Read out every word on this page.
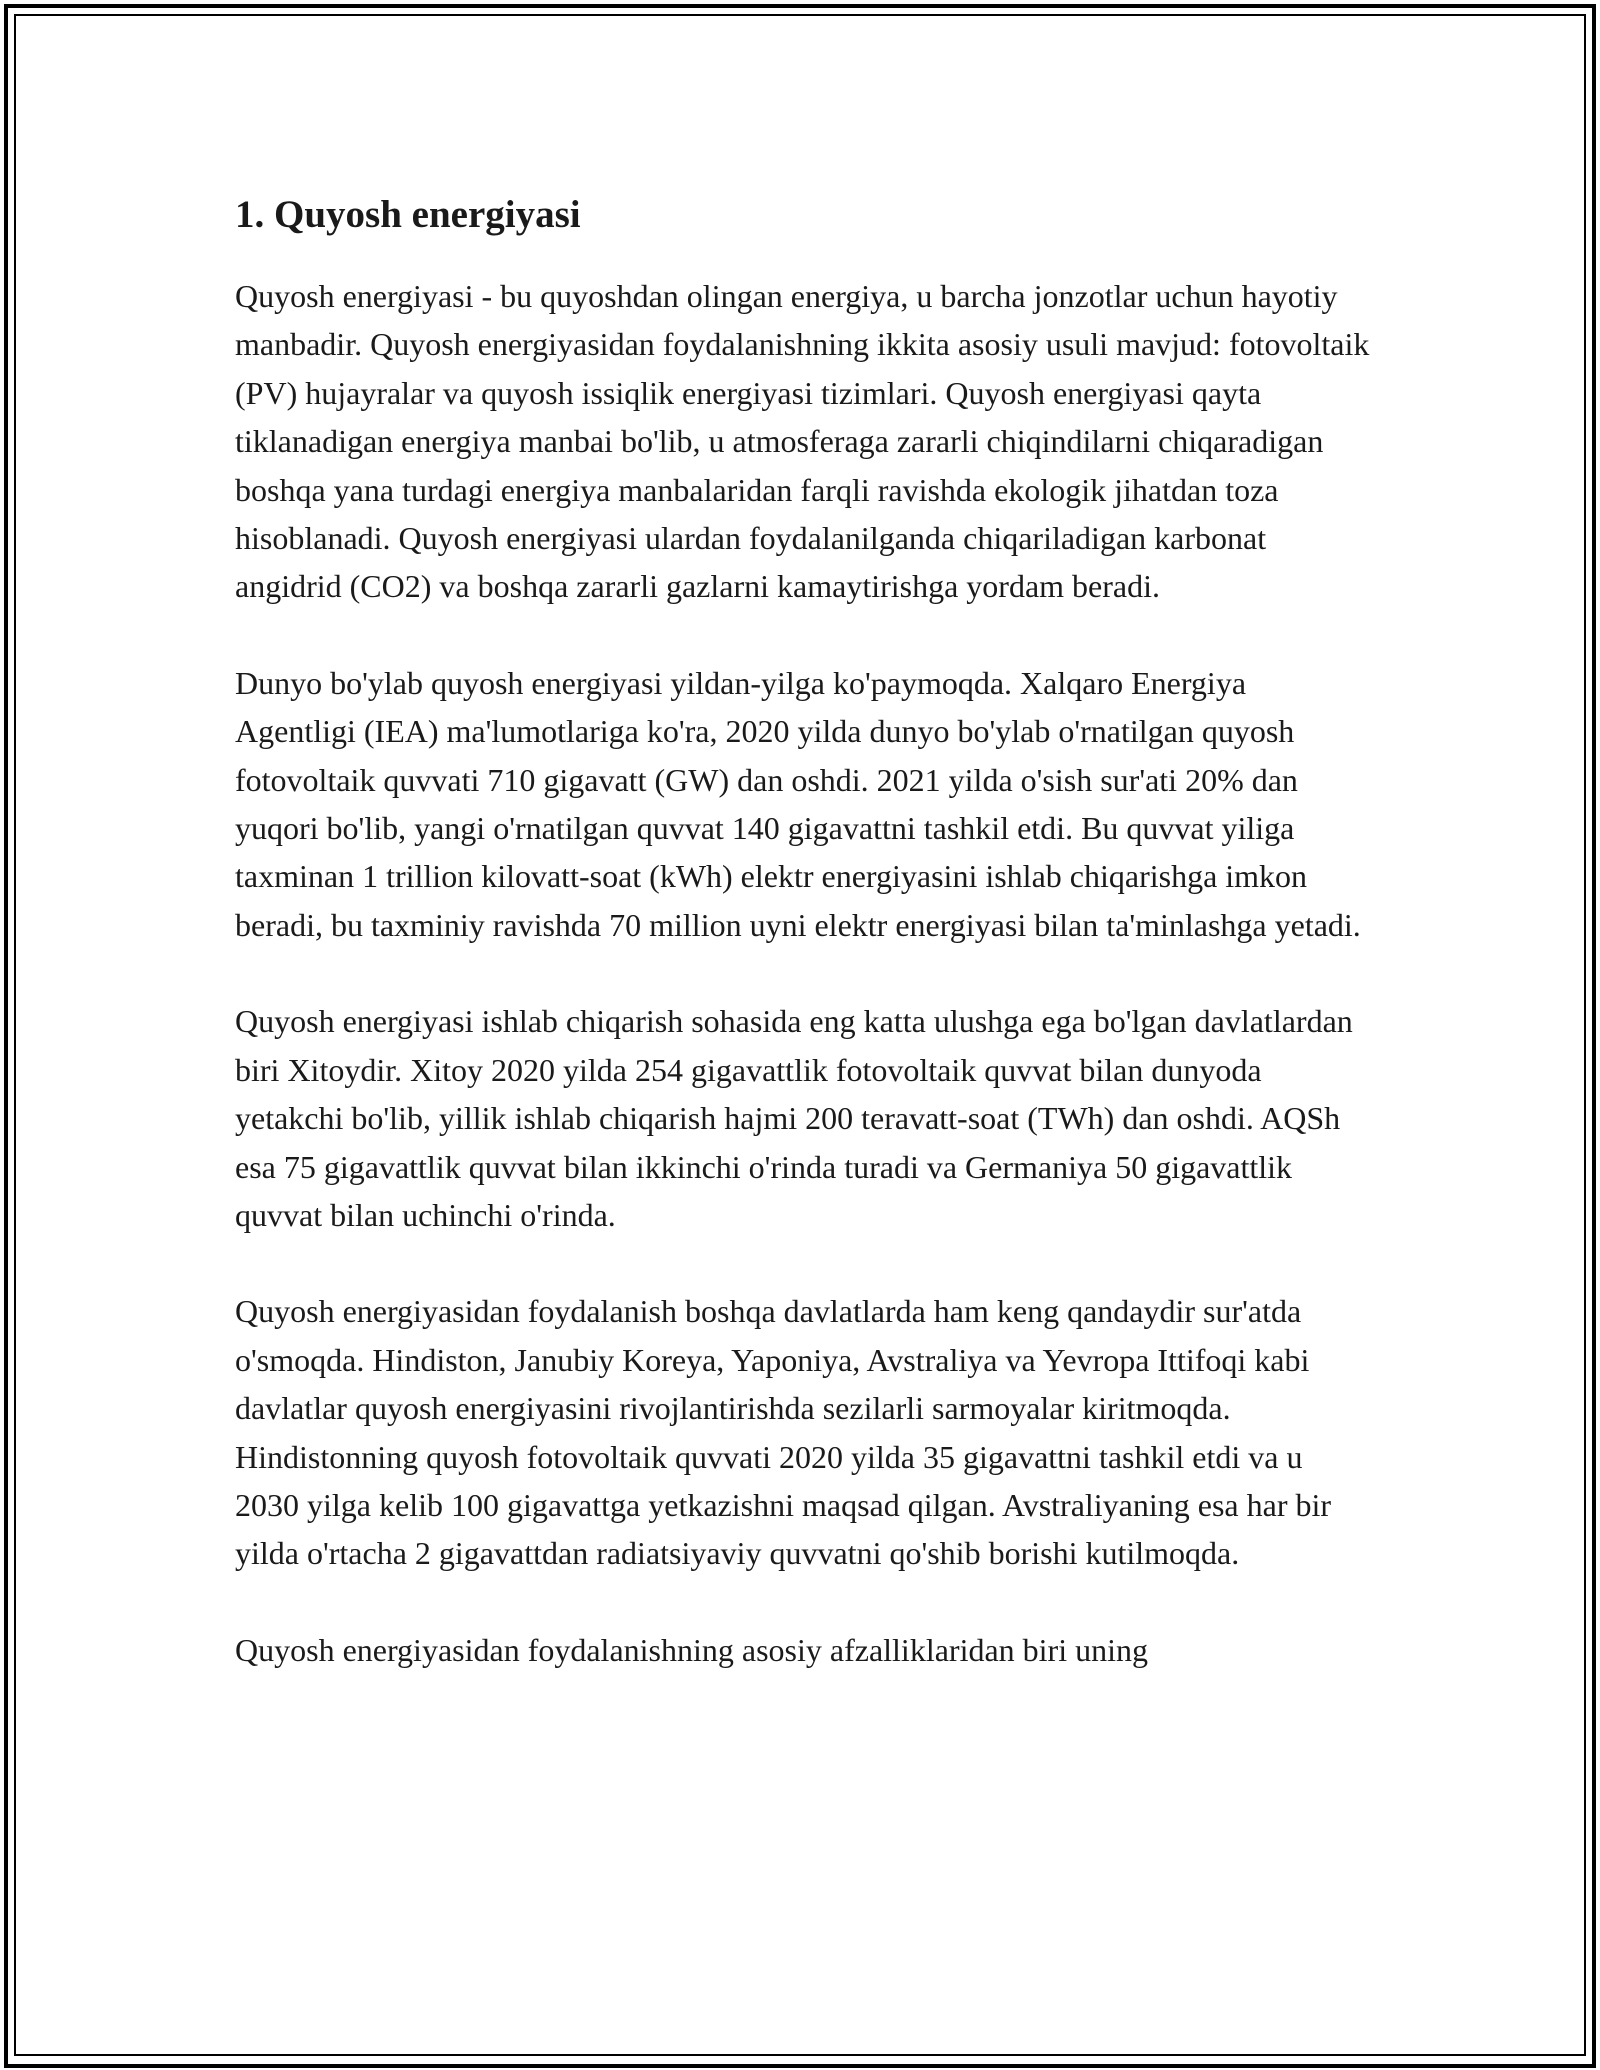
1. Quyosh energiyasi

Quyosh energiyasi - bu quyoshdan olingan energiya, u barcha jonzotlar uchun hayotiy manbadir. Quyosh energiyasidan foydalanishning ikkita asosiy usuli mavjud: fotovoltaik (PV) hujayralar va quyosh issiqlik energiyasi tizimlari. Quyosh energiyasi qayta tiklanadigan energiya manbai bo'lib, u atmosferaga zararli chiqindilarni chiqaradigan boshqa yana turdagi energiya manbalaridan farqli ravishda ekologik jihatdan toza hisoblanadi. Quyosh energiyasi ulardan foydalanilganda chiqariladigan karbonat angidrid (CO2) va boshqa zararli gazlarni kamaytirishga yordam beradi.

Dunyo bo'ylab quyosh energiyasi yildan-yilga ko'paymoqda. Xalqaro Energiya Agentligi (IEA) ma'lumotlariga ko'ra, 2020 yilda dunyo bo'ylab o'rnatilgan quyosh fotovoltaik quvvati 710 gigavatt (GW) dan oshdi. 2021 yilda o'sish sur'ati 20% dan yuqori bo'lib, yangi o'rnatilgan quvvat 140 gigavattni tashkil etdi. Bu quvvat yiliga taxminan 1 trillion kilovatt-soat (kWh) elektr energiyasini ishlab chiqarishga imkon beradi, bu taxminiy ravishda 70 million uyni elektr energiyasi bilan ta'minlashga yetadi.

Quyosh energiyasi ishlab chiqarish sohasida eng katta ulushga ega bo'lgan davlatlardan biri Xitoydir. Xitoy 2020 yilda 254 gigavattlik fotovoltaik quvvat bilan dunyoda yetakchi bo'lib, yillik ishlab chiqarish hajmi 200 teravatt-soat (TWh) dan oshdi. AQSh esa 75 gigavattlik quvvat bilan ikkinchi o'rinda turadi va Germaniya 50 gigavattlik quvvat bilan uchinchi o'rinda.

Quyosh energiyasidan foydalanish boshqa davlatlarda ham keng qandaydir sur'atda o'smoqda. Hindiston, Janubiy Koreya, Yaponiya, Avstraliya va Yevropa Ittifoqi kabi davlatlar quyosh energiyasini rivojlantirishda sezilarli sarmoyalar kiritmoqda. Hindistonning quyosh fotovoltaik quvvati 2020 yilda 35 gigavattni tashkil etdi va u 2030 yilga kelib 100 gigavattga yetkazishni maqsad qilgan. Avstraliyaning esa har bir yilda o'rtacha 2 gigavattdan radiatsiyaviy quvvatni qo'shib borishi kutilmoqda.

Quyosh energiyasidan foydalanishning asosiy afzalliklaridan biri uning
